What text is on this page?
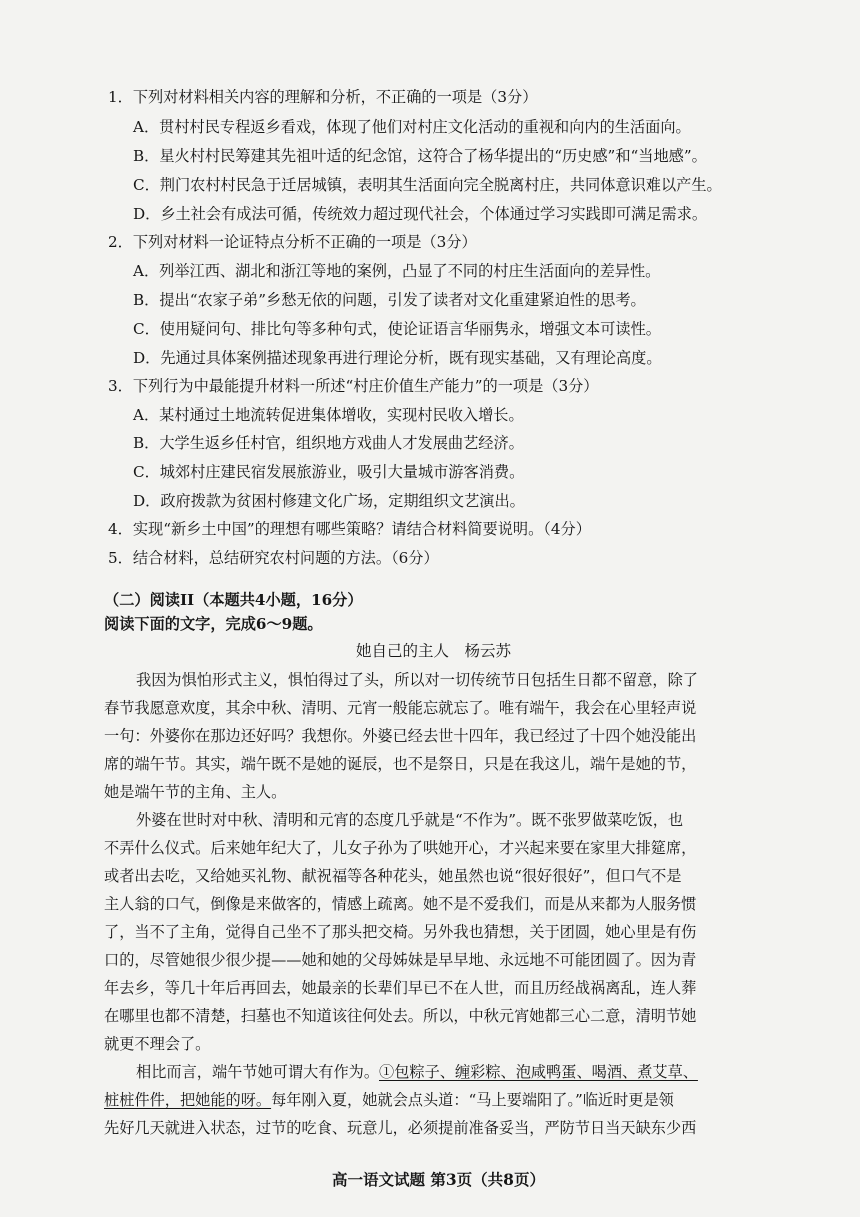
1．下列对材料相关内容的理解和分析，不正确的一项是（3分）
A．贯村村民专程返乡看戏，体现了他们对村庄文化活动的重视和向内的生活面向。
B．星火村村民筹建其先祖叶适的纪念馆，这符合了杨华提出的“历史感”和“当地感”。
C．荆门农村村民急于迁居城镇，表明其生活面向完全脱离村庄，共同体意识难以产生。
D．乡土社会有成法可循，传统效力超过现代社会，个体通过学习实践即可满足需求。
2．下列对材料一论证特点分析不正确的一项是（3分）
A．列举江西、湖北和浙江等地的案例，凸显了不同的村庄生活面向的差异性。
B．提出“农家子弟”乡愁无依的问题，引发了读者对文化重建紧迫性的思考。
C．使用疑问句、排比句等多种句式，使论证语言华丽隽永，增强文本可读性。
D．先通过具体案例描述现象再进行理论分析，既有现实基础，又有理论高度。
3．下列行为中最能提升材料一所述“村庄价值生产能力”的一项是（3分）
A．某村通过土地流转促进集体增收，实现村民收入增长。
B．大学生返乡任村官，组织地方戏曲人才发展曲艺经济。
C．城郊村庄建民宿发展旅游业，吸引大量城市游客消费。
D．政府拨款为贫困村修建文化广场，定期组织文艺演出。
4．实现“新乡土中国”的理想有哪些策略？请结合材料简要说明。（4分）
5．结合材料，总结研究农村问题的方法。（6分）
（二）阅读II（本题共4小题，16分）
阅读下面的文字，完成6～9题。
她自己的主人　杨云苏
我因为惧怕形式主义，惧怕得过了头，所以对一切传统节日包括生日都不留意，除了
春节我愿意欢度，其余中秋、清明、元宵一般能忘就忘了。唯有端午，我会在心里轻声说
一句：外婆你在那边还好吗？我想你。外婆已经去世十四年，我已经过了十四个她没能出
席的端午节。其实，端午既不是她的诞辰，也不是祭日，只是在我这儿，端午是她的节，
她是端午节的主角、主人。
外婆在世时对中秋、清明和元宵的态度几乎就是“不作为”。既不张罗做菜吃饭，也
不弄什么仪式。后来她年纪大了，儿女子孙为了哄她开心，才兴起来要在家里大排筵席，
或者出去吃，又给她买礼物、献祝福等各种花头，她虽然也说“很好很好”，但口气不是
主人翁的口气，倒像是来做客的，情感上疏离。她不是不爱我们，而是从来都为人服务惯
了，当不了主角，觉得自己坐不了那头把交椅。另外我也猜想，关于团圆，她心里是有伤
口的，尽管她很少很少提——她和她的父母姊妹是早早地、永远地不可能团圆了。因为青
年去乡，等几十年后再回去，她最亲的长辈们早已不在人世，而且历经战祸离乱，连人葬
在哪里也都不清楚，扫墓也不知道该往何处去。所以，中秋元宵她都三心二意，清明节她
就更不理会了。
相比而言，端午节她可谓大有作为。①包粽子、缠彩粽、泡咸鸭蛋、喝酒、煮艾草、
桩桩件件，把她能的呀。每年刚入夏，她就会点头道：“马上要端阳了。”临近时更是领
先好几天就进入状态，过节的吃食、玩意儿，必须提前准备妥当，严防节日当天缺东少西
高一语文试题 第3页（共8页）
